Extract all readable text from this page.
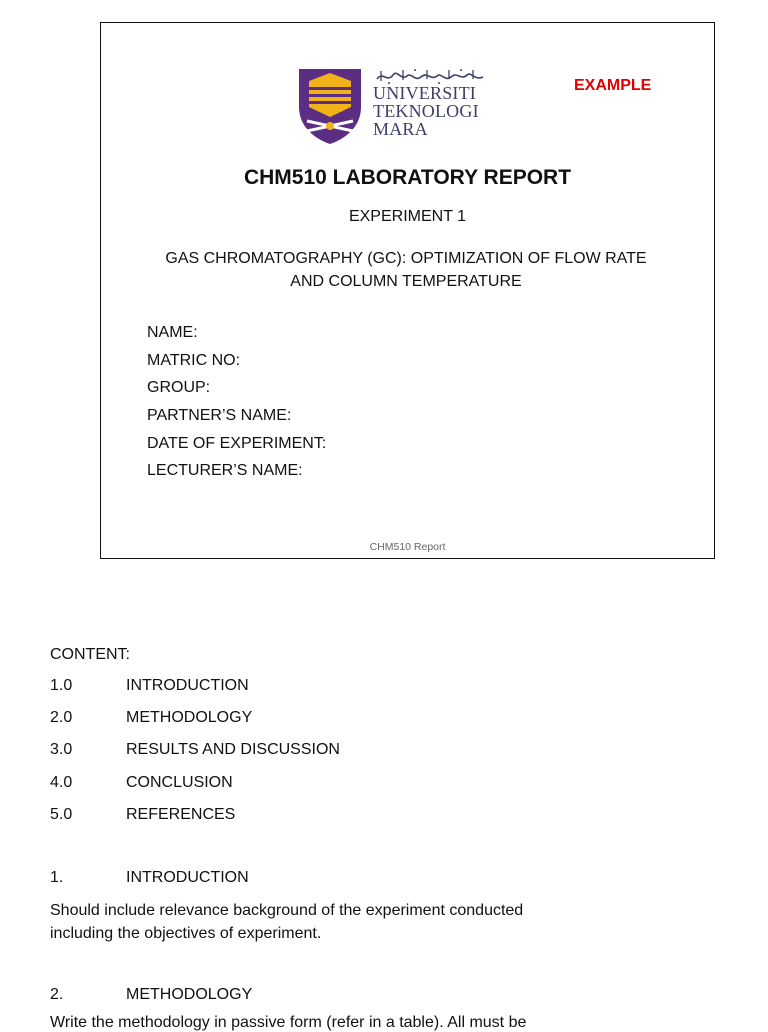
UNIVERSITI
TEKNOLOGI
MARA
EXAMPLE
CHM510 LABORATORY REPORT
EXPERIMENT 1
GAS CHROMATOGRAPHY (GC): OPTIMIZATION OF FLOW RATE
AND COLUMN TEMPERATURE
NAME:
MATRIC NO:
GROUP:
PARTNER’S NAME:
DATE OF EXPERIMENT:
LECTURER’S NAME:
CHM510 Report
CONTENT:
1.0	INTRODUCTION
2.0	METHODOLOGY
3.0	RESULTS AND DISCUSSION
4.0	CONCLUSION
5.0	REFERENCES
1.	INTRODUCTION
Should include relevance background of the experiment conducted
including the objectives of experiment.
2.	METHODOLOGY
Write the methodology in passive form (refer in a table). All must be
